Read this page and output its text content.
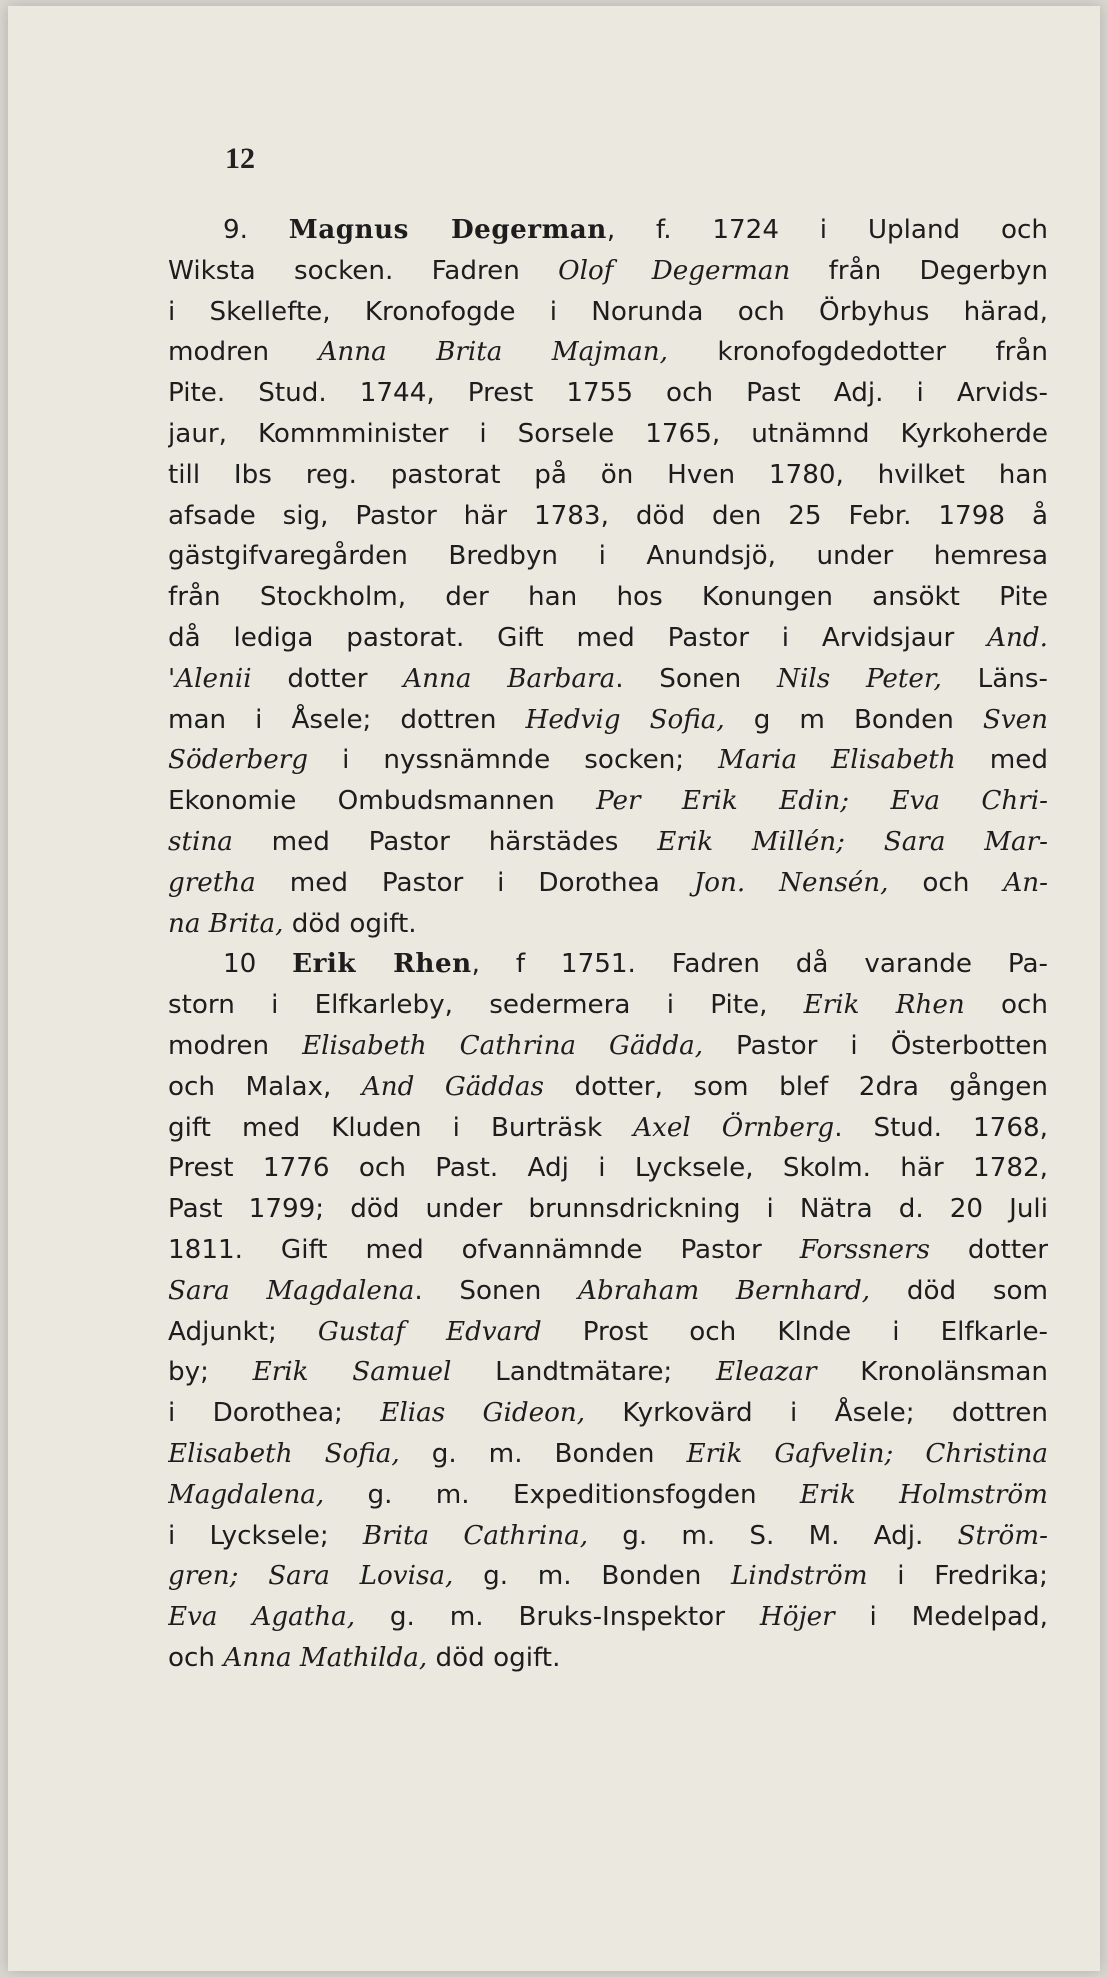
12
9. Magnus Degerman, f. 1724 i Upland och
Wiksta socken. Fadren Olof Degerman från Degerbyn
i Skellefte, Kronofogde i Norunda och Örbyhus härad,
modren Anna Brita Majman, kronofogdedotter från
Pite. Stud. 1744, Prest 1755 och Past Adj. i Arvids-
jaur, Kommminister i Sorsele 1765, utnämnd Kyrkoherde
till Ibs reg. pastorat på ön Hven 1780, hvilket han
afsade sig, Pastor här 1783, död den 25 Febr. 1798 å
gästgifvaregården Bredbyn i Anundsjö, under hemresa
från Stockholm, der han hos Konungen ansökt Pite
då lediga pastorat. Gift med Pastor i Arvidsjaur And.
'Alenii dotter Anna Barbara. Sonen Nils Peter, Läns-
man i Åsele; dottren Hedvig Sofia, g m Bonden Sven
Söderberg i nyssnämnde socken; Maria Elisabeth med
Ekonomie Ombudsmannen Per Erik Edin; Eva Chri-
stina med Pastor härstädes Erik Millén; Sara Mar-
gretha med Pastor i Dorothea Jon. Nensén, och An-
na Brita, död ogift.
10 Erik Rhen, f 1751. Fadren då varande Pa-
storn i Elfkarleby, sedermera i Pite, Erik Rhen och
modren Elisabeth Cathrina Gädda, Pastor i Österbotten
och Malax, And Gäddas dotter, som blef 2dra gången
gift med Kluden i Burträsk Axel Örnberg. Stud. 1768,
Prest 1776 och Past. Adj i Lycksele, Skolm. här 1782,
Past 1799; död under brunnsdrickning i Nätra d. 20 Juli
1811. Gift med ofvannämnde Pastor Forssners dotter
Sara Magdalena. Sonen Abraham Bernhard, död som
Adjunkt; Gustaf Edvard Prost och Klnde i Elfkarle-
by; Erik Samuel Landtmätare; Eleazar Kronolänsman
i Dorothea; Elias Gideon, Kyrkovärd i Åsele; dottren
Elisabeth Sofia, g. m. Bonden Erik Gafvelin; Christina
Magdalena, g. m. Expeditionsfogden Erik Holmström
i Lycksele; Brita Cathrina, g. m. S. M. Adj. Ström-
gren; Sara Lovisa, g. m. Bonden Lindström i Fredrika;
Eva Agatha, g. m. Bruks-Inspektor Höjer i Medelpad,
och Anna Mathilda, död ogift.
